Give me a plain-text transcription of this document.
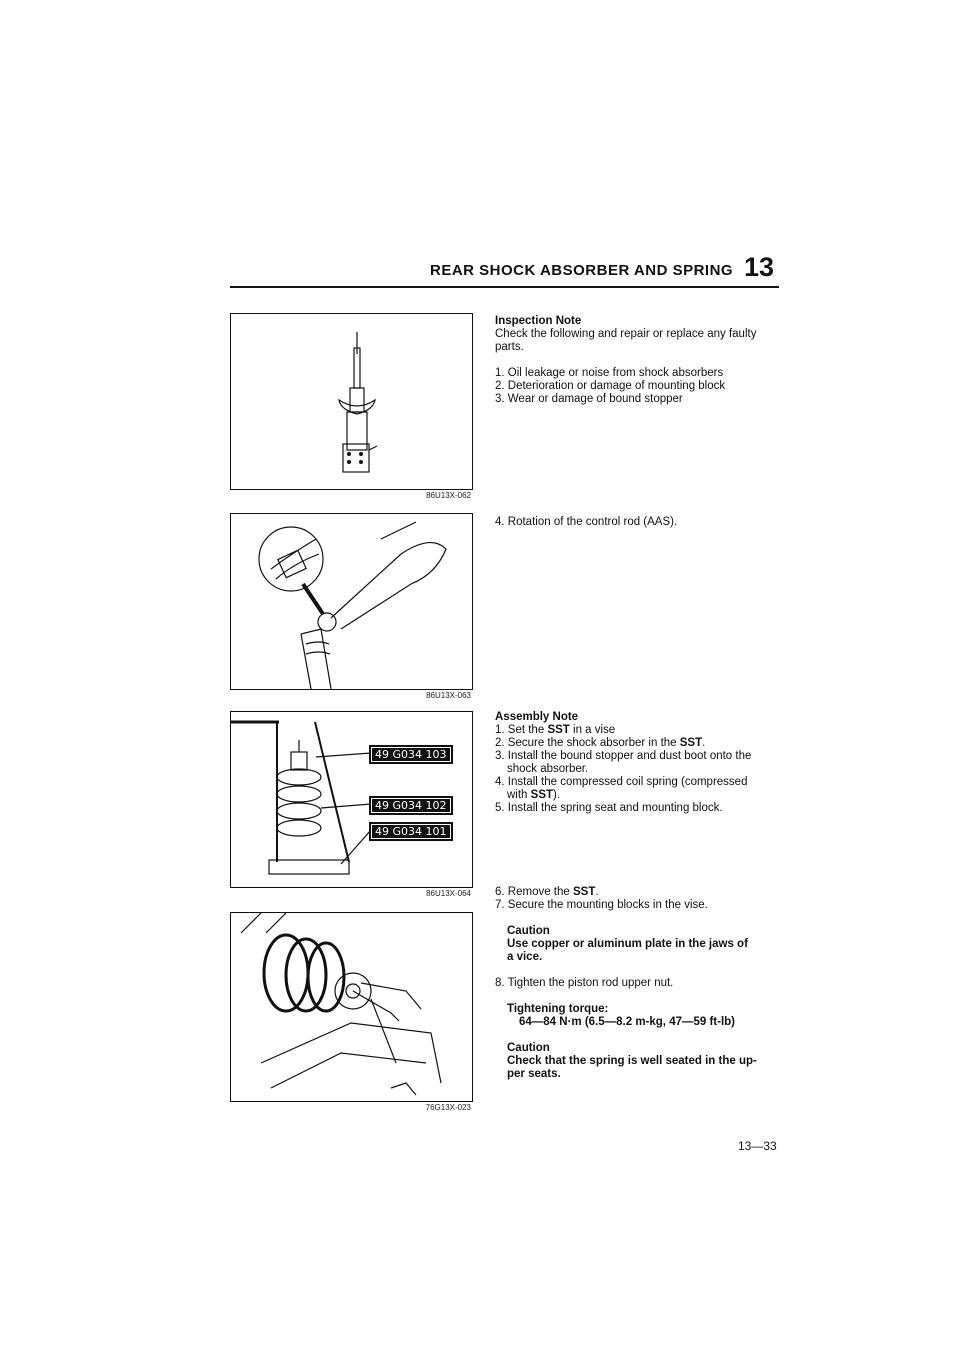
REAR SHOCK ABSORBER AND SPRING 13
86U13X-062
86U13X-063
49 G034 103
49 G034 102
49 G034 101
86U13X-064
76G13X-023
Inspection Note
Check the following and repair or replace any faulty
parts.
1. Oil leakage or noise from shock absorbers
2. Deterioration or damage of mounting block
3. Wear or damage of bound stopper
4. Rotation of the control rod (AAS).
Assembly Note
1. Set the SST in a vise
2. Secure the shock absorber in the SST.
3. Install the bound stopper and dust boot onto the
shock absorber.
4. Install the compressed coil spring (compressed
with SST).
5. Install the spring seat and mounting block.
6. Remove the SST.
7. Secure the mounting blocks in the vise.
Caution
Use copper or aluminum plate in the jaws of
a vice.
8. Tighten the piston rod upper nut.
Tightening torque:
64—84 N·m (6.5—8.2 m-kg, 47—59 ft-lb)
Caution
Check that the spring is well seated in the up-
per seats.
13—33
